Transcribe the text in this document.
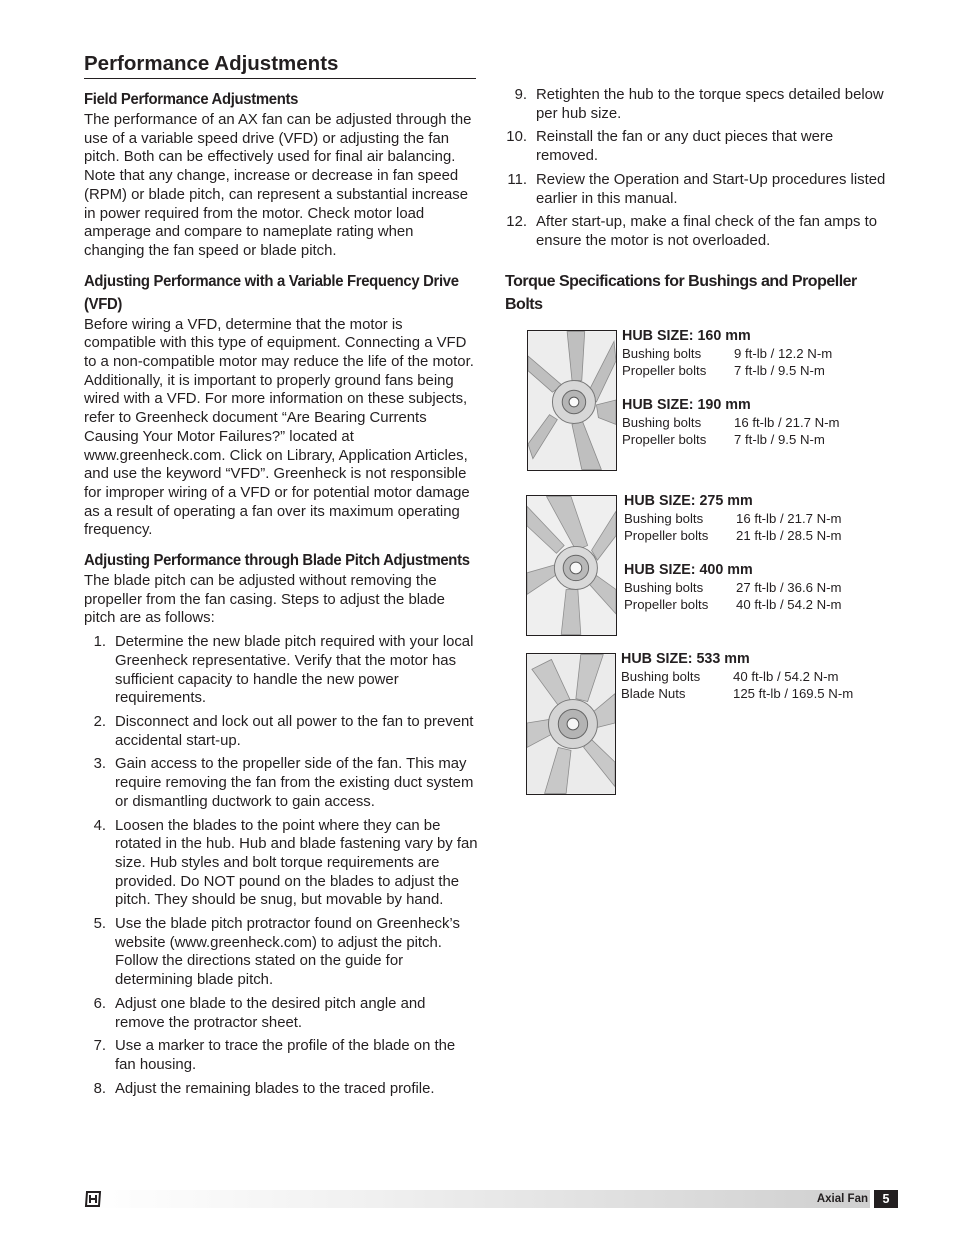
Performance Adjustments
Field Performance Adjustments

The performance of an AX fan can be adjusted through the use of a variable speed drive (VFD) or adjusting the fan pitch. Both can be effectively used for final air balancing. Note that any change, increase or decrease in fan speed (RPM) or blade pitch, can represent a substantial increase in power required from the motor. Check motor load amperage and compare to nameplate rating when changing the fan speed or blade pitch.

Adjusting Performance with a Variable Frequency Drive (VFD)

Before wiring a VFD, determine that the motor is compatible with this type of equipment. Connecting a VFD to a non-compatible motor may reduce the life of the motor. Additionally, it is important to properly ground fans being wired with a VFD. For more information on these subjects, refer to Greenheck document “Are Bearing Currents Causing Your Motor Failures?” located at www.greenheck.com. Click on Library, Application Articles, and use the keyword “VFD”. Greenheck is not responsible for improper wiring of a VFD or for potential motor damage as a result of operating a fan over its maximum operating frequency.

Adjusting Performance through Blade Pitch Adjustments

The blade pitch can be adjusted without removing the propeller from the fan casing. Steps to adjust the blade pitch are as follows:

1. Determine the new blade pitch required with your local Greenheck representative. Verify that the motor has sufficient capacity to handle the new power requirements.
2. Disconnect and lock out all power to the fan to prevent accidental start-up.
3. Gain access to the propeller side of the fan. This may require removing the fan from the existing duct system or dismantling ductwork to gain access.
4. Loosen the blades to the point where they can be rotated in the hub. Hub and blade fastening vary by fan size. Hub styles and bolt torque requirements are provided. Do NOT pound on the blades to adjust the pitch. They should be snug, but movable by hand.
5. Use the blade pitch protractor found on Greenheck’s website (www.greenheck.com) to adjust the pitch. Follow the directions stated on the guide for determining blade pitch.
6. Adjust one blade to the desired pitch angle and remove the protractor sheet.
7. Use a marker to trace the profile of the blade on the fan housing.
8. Adjust the remaining blades to the traced profile.
9. Retighten the hub to the torque specs detailed below per hub size.
10. Reinstall the fan or any duct pieces that were removed.
11. Review the Operation and Start-Up procedures listed earlier in this manual.
12. After start-up, make a final check of the fan amps to ensure the motor is not overloaded.
Torque Specifications for Bushings and Propeller Bolts
HUB SIZE: 160 mm
Bushing bolts 9 ft-lb / 12.2 N-m
Propeller bolts 7 ft-lb / 9.5 N-m
HUB SIZE: 190 mm
Bushing bolts 16 ft-lb / 21.7 N-m
Propeller bolts 7 ft-lb / 9.5 N-m
HUB SIZE: 275 mm
Bushing bolts 16 ft-lb / 21.7 N-m
Propeller bolts 21 ft-lb / 28.5 N-m
HUB SIZE: 400 mm
Bushing bolts 27 ft-lb / 36.6 N-m
Propeller bolts 40 ft-lb / 54.2 N-m
HUB SIZE: 533 mm
Bushing bolts 40 ft-lb / 54.2 N-m
Blade Nuts	125 ft-lb / 169.5 N-m
Axial Fan	5
